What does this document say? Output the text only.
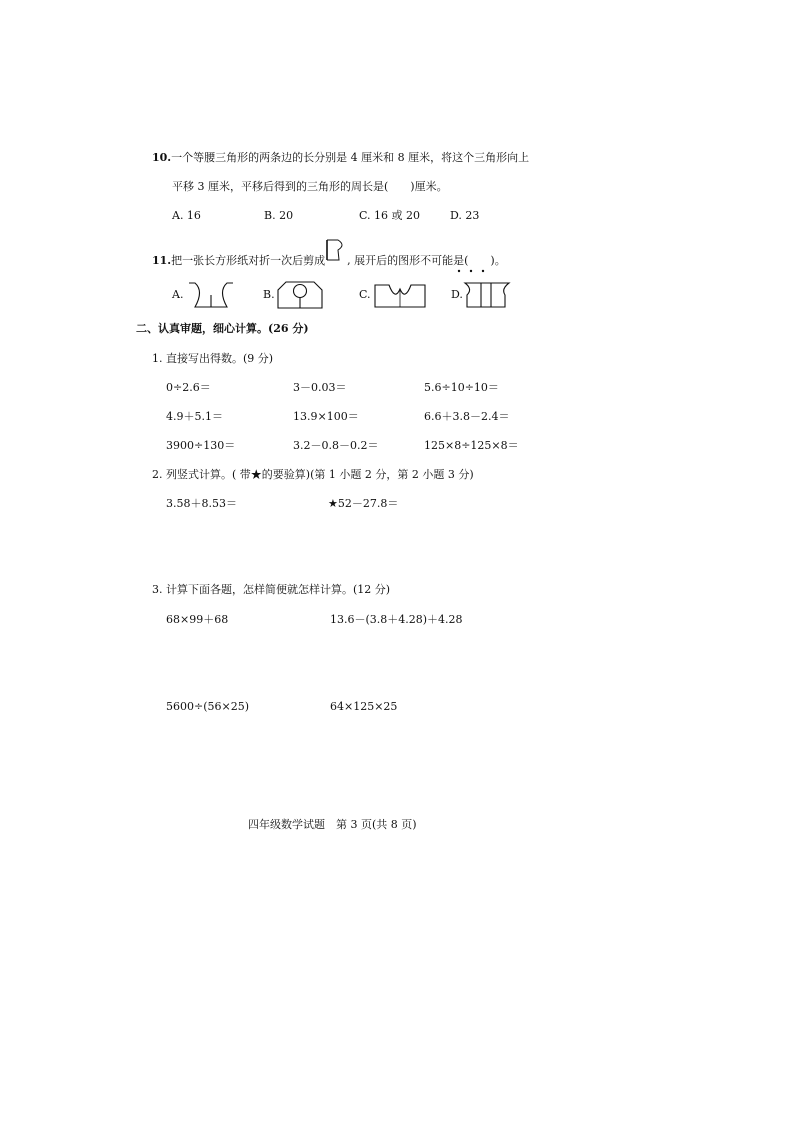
10.一个等腰三角形的两条边的长分别是 4 厘米和 8 厘米，将这个三角形向上
平移 3 厘米，平移后得到的三角形的周长是(　　)厘米。
A. 16	B. 20	C. 16 或 20	D. 23
11.把一张长方形纸对折一次后剪成 , 展开后的图形不可能是(　　)。
A.	B.	C.	D.
二、认真审题，细心计算。(26 分)
1. 直接写出得数。(9 分)
0÷2.6＝	3－0.03＝	5.6÷10÷10＝
4.9＋5.1＝	13.9×100＝	6.6＋3.8－2.4＝
3900÷130＝	3.2－0.8－0.2＝	125×8÷125×8＝
2. 列竖式计算。( 带★的要验算)(第 1 小题 2 分，第 2 小题 3 分)
3.58＋8.53＝	★52－27.8＝
3. 计算下面各题，怎样简便就怎样计算。(12 分)
68×99＋68	13.6－(3.8＋4.28)＋4.28
5600÷(56×25)	64×125×25
四年级数学试题　第 3 页(共 8 页)
